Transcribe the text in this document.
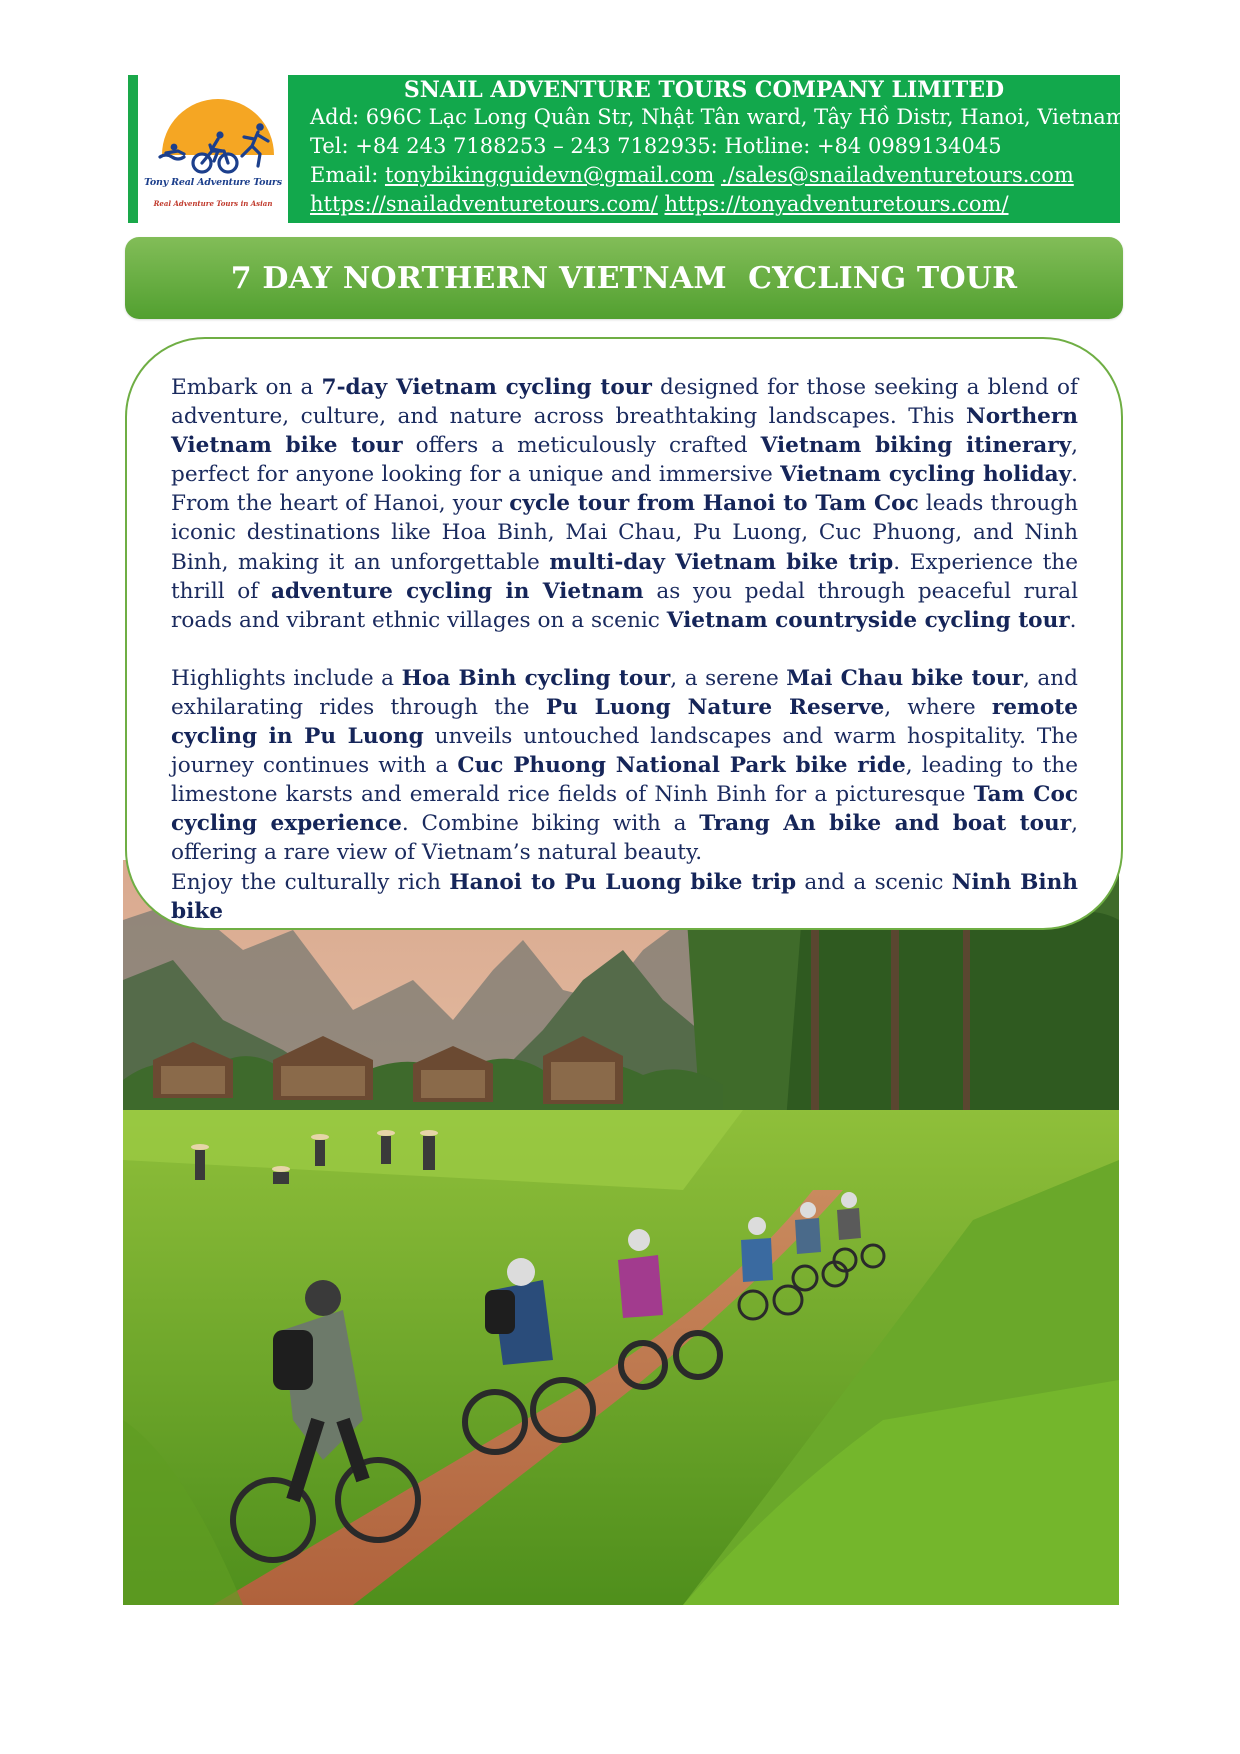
Tony Real Adventure Tours
Real Adventure Tours in Asian
SNAIL ADVENTURE TOURS COMPANY LIMITED
Add: 696C Lạc Long Quân Str, Nhật Tân ward, Tây Hồ Distr, Hanoi, Vietnam
Tel: +84 243 7188253 – 243 7182935: Hotline: +84 0989134045
Email: tonybikingguidevn@gmail.com ./sales@snailadventuretours.com
https://snailadventuretours.com/ https://tonyadventuretours.com/
7 DAY NORTHERN VIETNAM  CYCLING TOUR

Embark on a 7-day Vietnam cycling tour designed for those seeking a blend of adventure, culture, and nature across breathtaking landscapes. This Northern Vietnam bike tour offers a meticulously crafted Vietnam biking itinerary, perfect for anyone looking for a unique and immersive Vietnam cycling holiday. From the heart of Hanoi, your cycle tour from Hanoi to Tam Coc leads through iconic destinations like Hoa Binh, Mai Chau, Pu Luong, Cuc Phuong, and Ninh Binh, making it an unforgettable multi-day Vietnam bike trip. Experience the thrill of adventure cycling in Vietnam as you pedal through peaceful rural roads and vibrant ethnic villages on a scenic Vietnam countryside cycling tour.

Highlights include a Hoa Binh cycling tour, a serene Mai Chau bike tour, and exhilarating rides through the Pu Luong Nature Reserve, where remote cycling in Pu Luong unveils untouched landscapes and warm hospitality. The journey continues with a Cuc Phuong National Park bike ride, leading to the limestone karsts and emerald rice fields of Ninh Binh for a picturesque Tam Coc cycling experience. Combine biking with a Trang An bike and boat tour, offering a rare view of Vietnam’s natural beauty.

Enjoy the culturally rich Hanoi to Pu Luong bike trip and a scenic Ninh Binh bike
